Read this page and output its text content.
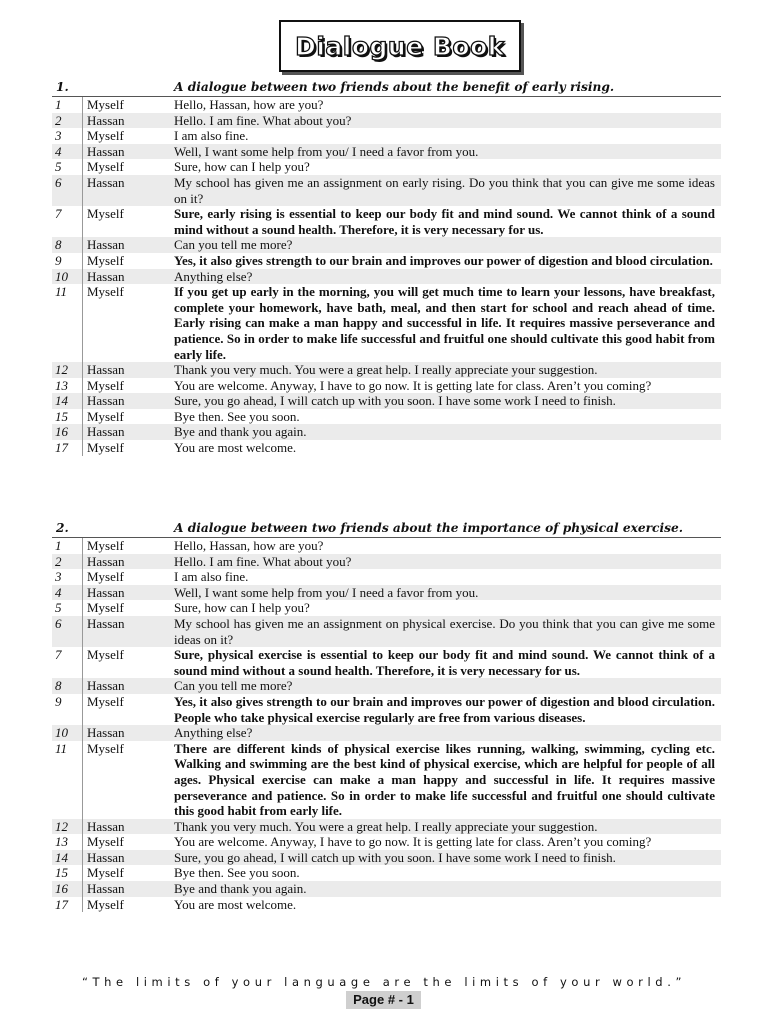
Dialogue Book
1.	A dialogue between two friends about the benefit of early rising.
1	Myself	Hello, Hassan, how are you?
2	Hassan	Hello. I am fine. What about you?
3	Myself	I am also fine.
4	Hassan	Well, I want some help from you/ I need a favor from you.
5	Myself	Sure, how can I help you?
6	Hassan	My school has given me an assignment on early rising. Do you think that you can give me some ideas on it?
7	Myself	Sure, early rising is essential to keep our body fit and mind sound. We cannot think of a sound mind without a sound health. Therefore, it is very necessary for us.
8	Hassan	Can you tell me more?
9	Myself	Yes, it also gives strength to our brain and improves our power of digestion and blood circulation.
10	Hassan	Anything else?
11	Myself	If you get up early in the morning, you will get much time to learn your lessons, have breakfast, complete your homework, have bath, meal, and then start for school and reach ahead of time. Early rising can make a man happy and successful in life. It requires massive perseverance and patience. So in order to make life successful and fruitful one should cultivate this good habit from early life.
12	Hassan	Thank you very much. You were a great help. I really appreciate your suggestion.
13	Myself	You are welcome. Anyway, I have to go now. It is getting late for class. Aren’t you coming?
14	Hassan	Sure, you go ahead, I will catch up with you soon. I have some work I need to finish.
15	Myself	Bye then. See you soon.
16	Hassan	Bye and thank you again.
17	Myself	You are most welcome.
2.	A dialogue between two friends about the importance of physical exercise.
1	Myself	Hello, Hassan, how are you?
2	Hassan	Hello. I am fine. What about you?
3	Myself	I am also fine.
4	Hassan	Well, I want some help from you/ I need a favor from you.
5	Myself	Sure, how can I help you?
6	Hassan	My school has given me an assignment on physical exercise. Do you think that you can give me some ideas on it?
7	Myself	Sure, physical exercise is essential to keep our body fit and mind sound. We cannot think of a sound mind without a sound health. Therefore, it is very necessary for us.
8	Hassan	Can you tell me more?
9	Myself	Yes, it also gives strength to our brain and improves our power of digestion and blood circulation. People who take physical exercise regularly are free from various diseases.
10	Hassan	Anything else?
11	Myself	There are different kinds of physical exercise likes running, walking, swimming, cycling etc. Walking and swimming are the best kind of physical exercise, which are helpful for people of all ages. Physical exercise can make a man happy and successful in life. It requires massive perseverance and patience. So in order to make life successful and fruitful one should cultivate this good habit from early life.
12	Hassan	Thank you very much. You were a great help. I really appreciate your suggestion.
13	Myself	You are welcome. Anyway, I have to go now. It is getting late for class. Aren’t you coming?
14	Hassan	Sure, you go ahead, I will catch up with you soon. I have some work I need to finish.
15	Myself	Bye then. See you soon.
16	Hassan	Bye and thank you again.
17	Myself	You are most welcome.
“The limits of your language are the limits of your world.”
Page # - 1
